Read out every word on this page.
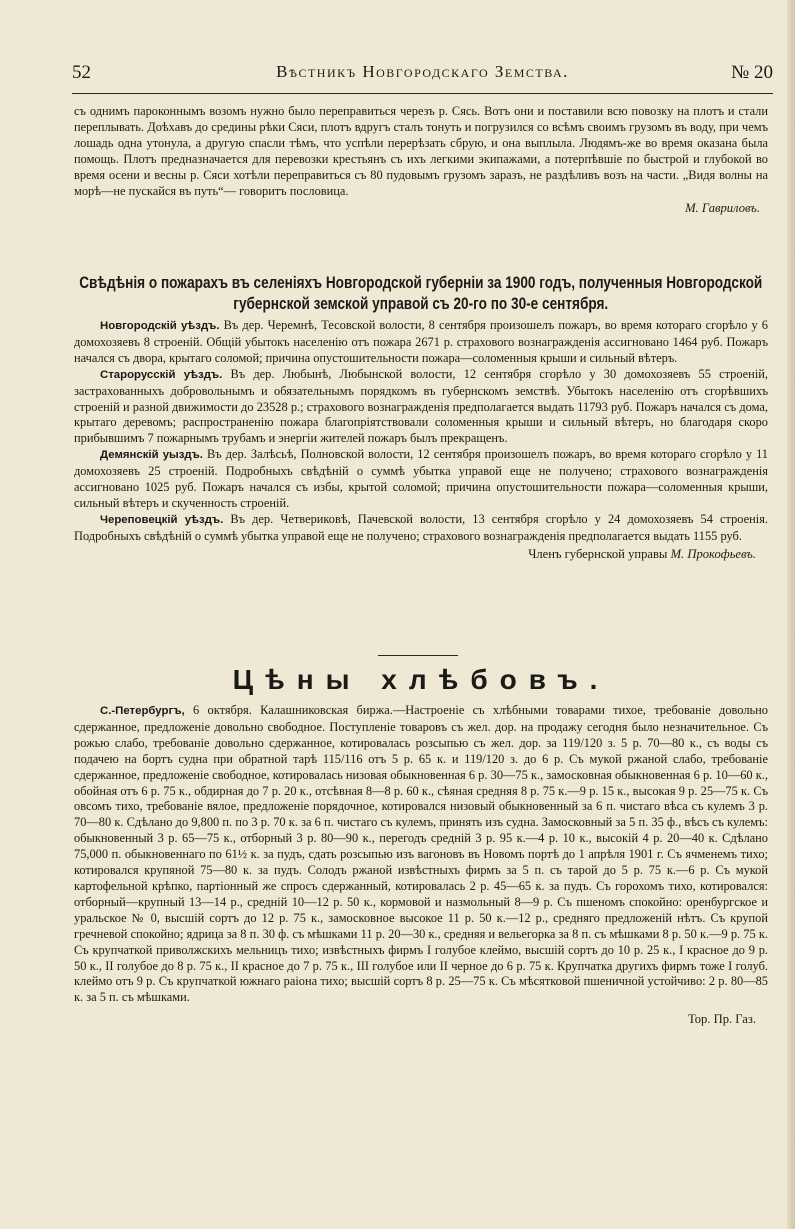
52	Вѣстникъ Новгородскаго Земства.	№ 20

съ однимъ пароконнымъ возомъ нужно было переправиться черезъ р. Сясь. Вотъ они и поставили всю повозку на плотъ и стали переплывать. Доѣхавъ до средины рѣки Сяси, плотъ вдругъ сталъ тонуть и погрузился со всѣмъ своимъ грузомъ въ воду, при чемъ лошадь одна утонула, а другую спасли тѣмъ, что успѣли перерѣзать сбрую, и она выплыла. Людямъ-же во время оказана была помощь. Плотъ предназначается для перевозки крестьянъ съ ихъ легкими экипажами, а потерпѣвшіе по быстрой и глубокой во время осени и весны р. Сяси хотѣли переправиться съ 80 пудовымъ грузомъ заразъ, не раздѣливъ возъ на части. „Видя волны на морѣ—не пускайся въ путь“— говоритъ пословица.

М. Гавриловъ.
Свѣдѣнія о пожарахъ въ селеніяхъ Новгородской губерніи за 1900 годъ, полученныя Новгородской губернской земской управой съ 20-го по 30-е сентября.

Новгородскій уѣздъ. Въ дер. Черемнѣ, Тесовской волости, 8 сентября произошелъ пожаръ, во время котораго сгорѣло у 6 домохозяевъ 8 строеній. Общій убытокъ населенію отъ пожара 2671 р. страхового вознагражденія ассигновано 1464 руб. Пожаръ начался съ двора, крытаго соломой; причина опустошительности пожара—соломенныя крыши и сильный вѣтеръ.

Старорусскій уѣздъ. Въ дер. Любынѣ, Любынской волости, 12 сентября сгорѣло у 30 домохозяевъ 55 строеній, застрахованныхъ добровольнымъ и обязательнымъ порядкомъ въ губернскомъ земствѣ. Убытокъ населенію отъ сгорѣвшихъ строеній и разной движимости до 23528 р.; страхового вознагражденія предполагается выдать 11793 руб. Пожаръ начался съ дома, крытаго деревомъ; распространенію пожара благопріятствовали соломенныя крыши и сильный вѣтеръ, но благодаря скоро прибывшимъ 7 пожарнымъ трубамъ и энергіи жителей пожаръ былъ прекращенъ.

Демянскій уыздъ. Въ дер. Залѣсьѣ, Полновской волости, 12 сентября произошелъ пожаръ, во время котораго сгорѣло у 11 домохозяевъ 25 строеній. Подробныхъ свѣдѣній о суммѣ убытка управой еще не получено; страхового вознагражденія ассигновано 1025 руб. Пожаръ начался съ избы, крытой соломой; причина опустошительности пожара—соломенныя крыши, сильный вѣтеръ и скученность строеній.

Череповецкій уѣздъ. Въ дер. Четвериковѣ, Пачевской волости, 13 сентября сгорѣло у 24 домохозяевъ 54 строенія. Подробныхъ свѣдѣній о суммѣ убытка управой еще не получено; страхового вознагражденія предполагается выдать 1155 руб.

Членъ губернской управы М. Прокофьевъ.
Цѣны хлѣбовъ.

С.-Петербургъ, 6 октября. Калашниковская биржа.—Настроеніе съ хлѣбными товарами тихое, требованіе довольно сдержанное, предложеніе довольно свободное. Поступленіе товаровъ съ жел. дор. на продажу сегодня было незначительное. Съ рожью слабо, требованіе довольно сдержанное, котировалась розсыпью съ жел. дор. за 119/120 з. 5 р. 70—80 к., съ воды съ подачею на бортъ судна при обратной тарѣ 115/116 отъ 5 р. 65 к. и 119/120 з. до 6 р. Съ мукой ржаной слабо, требованіе сдержанное, предложеніе свободное, котировалась низовая обыкновенная 6 р. 30—75 к., замосковная обыкновенная 6 р. 10—60 к., обойная отъ 6 р. 75 к., обдирная до 7 р. 20 к., отсѣвная 8—8 р. 60 к., сѣяная средняя 8 р. 75 к.—9 р. 15 к., высокая 9 р. 25—75 к. Съ овсомъ тихо, требованіе вялое, предложеніе порядочное, котировался низовый обыкновенный за 6 п. чистаго вѣса съ кулемъ 3 р. 70—80 к. Сдѣлано до 9,800 п. по 3 р. 70 к. за 6 п. чистаго съ кулемъ, принять изъ судна. Замосковный за 5 п. 35 ф., вѣсъ съ кулемъ: обыкновенный 3 р. 65—75 к., отборный 3 р. 80—90 к., перегодъ средній 3 р. 95 к.—4 р. 10 к., высокій 4 р. 20—40 к. Сдѣлано 75,000 п. обыкновеннаго по 61½ к. за пудъ, сдать розсыпью изъ вагоновъ въ Новомъ портѣ до 1 апрѣля 1901 г. Съ ячменемъ тихо; котировался крупяной 75—80 к. за пудъ. Солодъ ржаной извѣстныхъ фирмъ за 5 п. съ тарой до 5 р. 75 к.—6 р. Съ мукой картофельной крѣпко, партіонный же спросъ сдержанный, котировалась 2 р. 45—65 к. за пудъ. Съ горохомъ тихо, котировался: отборный—крупный 13—14 р., средній 10—12 р. 50 к., кормовой и назмольный 8—9 р. Съ пшеномъ спокойно: оренбургское и уральское № 0, высшій сортъ до 12 р. 75 к., замосковное высокое 11 р. 50 к.—12 р., средняго предложеній нѣтъ. Съ крупой гречневой спокойно; ядрица за 8 п. 30 ф. съ мѣшками 11 р. 20—30 к., средняя и вельегорка за 8 п. съ мѣшками 8 р. 50 к.—9 р. 75 к. Съ крупчаткой приволжскихъ мельницъ тихо; извѣстныхъ фирмъ I голубое клеймо, высшій сортъ до 10 р. 25 к., I красное до 9 р. 50 к., II голубое до 8 р. 75 к., II красное до 7 р. 75 к., III голубое или II черное до 6 р. 75 к. Крупчатка другихъ фирмъ тоже I голуб. клеймо отъ 9 р. Съ крупчаткой южнаго раіона тихо; высшій сортъ 8 р. 25—75 к. Съ мѣсятковой пшеничной устойчиво: 2 р. 80—85 к. за 5 п. съ мѣшками.

Тор. Пр. Газ.
